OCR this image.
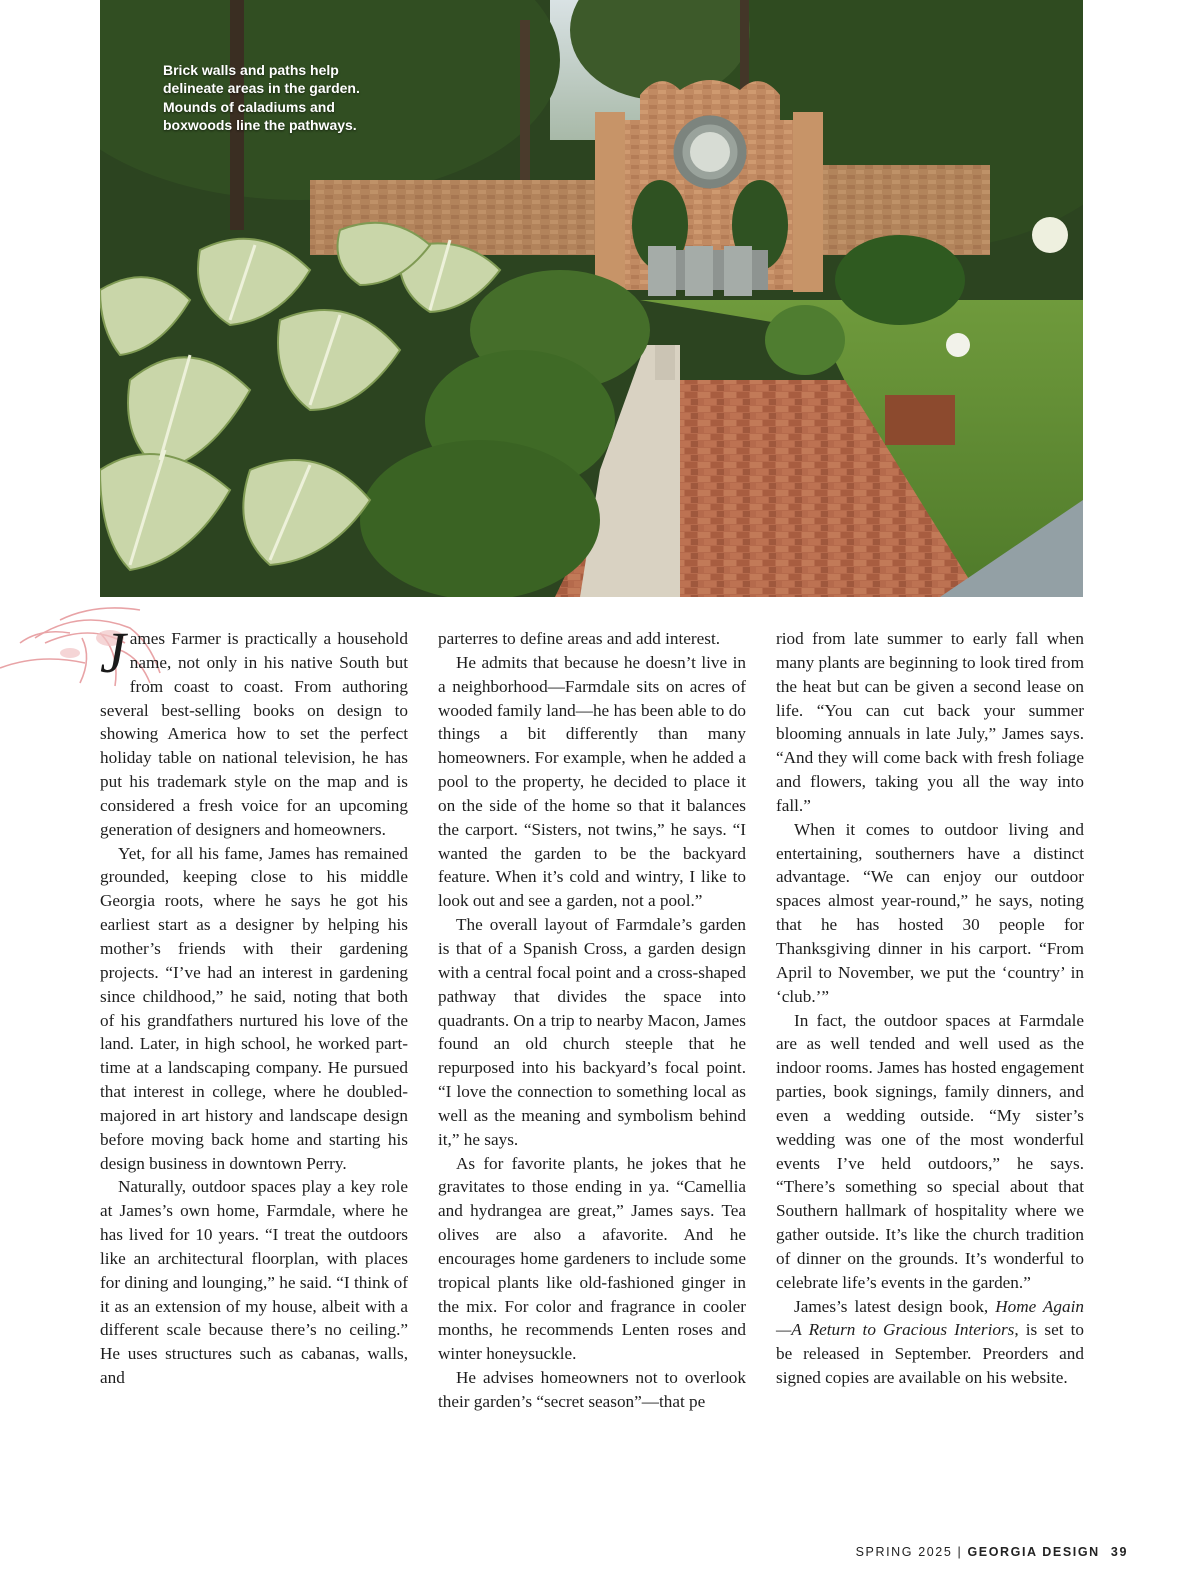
Brick walls and paths help delineate areas in the garden. Mounds of caladiums and boxwoods line the pathways.

James Farmer is practically a household name, not only in his native South but from coast to coast. From authoring several best-selling books on design to showing America how to set the perfect holiday table on national television, he has put his trademark style on the map and is considered a fresh voice for an upcoming generation of designers and homeowners.

Yet, for all his fame, James has remained grounded, keeping close to his middle Georgia roots, where he says he got his earliest start as a designer by helping his mother’s friends with their gardening projects. “I’ve had an interest in gardening since childhood,” he said, noting that both of his grandfathers nurtured his love of the land. Later, in high school, he worked part-time at a landscaping company. He pursued that interest in college, where he doubled-majored in art history and landscape design before moving back home and starting his design business in downtown Perry.

Naturally, outdoor spaces play a key role at James’s own home, Farmdale, where he has lived for 10 years. “I treat the outdoors like an architectural floorplan, with places for dining and lounging,” he said. “I think of it as an extension of my house, albeit with a different scale because there’s no ceiling.” He uses structures such as cabanas, walls, and

parterres to define areas and add interest.

He admits that because he doesn’t live in a neighborhood—Farmdale sits on acres of wooded family land—he has been able to do things a bit differently than many homeowners. For example, when he added a pool to the property, he decided to place it on the side of the home so that it balances the carport. “Sisters, not twins,” he says. “I wanted the garden to be the backyard feature. When it’s cold and wintry, I like to look out and see a garden, not a pool.”

The overall layout of Farmdale’s garden is that of a Spanish Cross, a garden design with a central focal point and a cross-shaped pathway that divides the space into quadrants. On a trip to nearby Macon, James found an old church steeple that he repurposed into his backyard’s focal point. “I love the connection to something local as well as the meaning and symbolism behind it,” he says.

As for favorite plants, he jokes that he gravitates to those ending in ya. “Camellia and hydrangea are great,” James says. Tea olives are also a afavorite. And he encourages home gardeners to include some tropical plants like old-fashioned ginger in the mix. For color and fragrance in cooler months, he recommends Lenten roses and winter honeysuckle.

He advises homeowners not to overlook their garden’s “secret season”—that pe

riod from late summer to early fall when many plants are beginning to look tired from the heat but can be given a second lease on life. “You can cut back your summer blooming annuals in late July,” James says. “And they will come back with fresh foliage and flowers, taking you all the way into fall.”

When it comes to outdoor living and entertaining, southerners have a distinct advantage. “We can enjoy our outdoor spaces almost year-round,” he says, noting that he has hosted 30 people for Thanksgiving dinner in his carport. “From April to November, we put the ‘country’ in ‘club.’”

In fact, the outdoor spaces at Farmdale are as well tended and well used as the indoor rooms. James has hosted engagement parties, book signings, family dinners, and even a wedding outside. “My sister’s wedding was one of the most wonderful events I’ve held outdoors,” he says. “There’s something so special about that Southern hallmark of hospitality where we gather outside. It’s like the church tradition of dinner on the grounds. It’s wonderful to celebrate life’s events in the garden.”

James’s latest design book, Home Again—A Return to Gracious Interiors, is set to be released in September. Preorders and signed copies are available on his website.

SPRING 2025 | GEORGIA DESIGN 39
